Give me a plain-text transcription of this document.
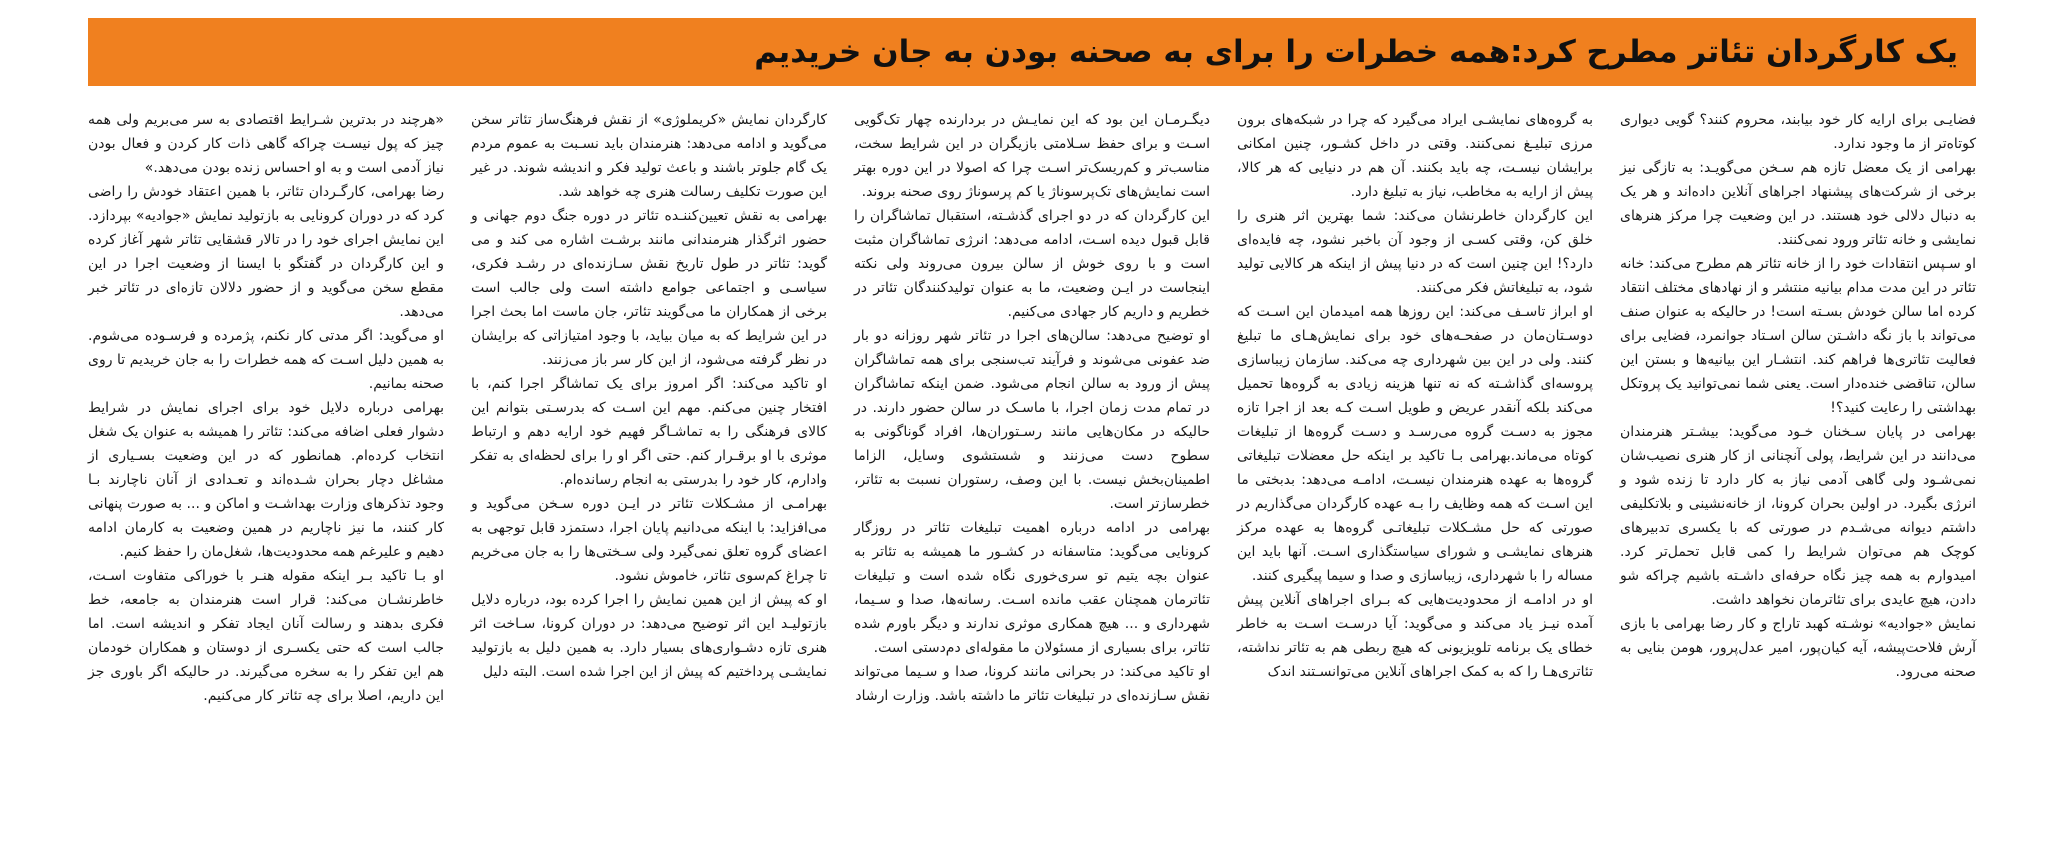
یک کارگردان تئاتر مطرح کرد:همه خطرات را برای به صحنه بودن به جان خریدیم

«هرچند در بدترین شـرایط اقتصادی به سر می‌بریم ولی همه چیز که پول نیسـت چراکه گاهی ذات کار کردن و فعال بودن نیاز آدمی است و به او احساس زنده بودن می‌دهد.»

رضا بهرامی، کارگـردان تئاتر، با همین اعتقاد خودش را راضی کرد که در دوران کرونایی به بازتولید نمایش «جوادیه» بپردازد. این نمایش اجرای خود را در تالار قشقایی تئاتر شهر آغاز کرده و این کارگردان در گفتگو با ایسنا از وضعیت اجرا در این مقطع سخن می‌گوید و از حضور دلالان تازه‌ای در تئاتر خبر می‌دهد.

او می‌گوید: اگر مدتی کار نکنم، پژمرده و فرسـوده می‌شوم. به همین دلیل اسـت که همه خطرات را به جان خریدیم تا روی صحنه بمانیم.

بهرامی درباره دلایل خود برای اجرای نمایش در شرایط دشوار فعلی اضافه می‌کند: تئاتر را همیشه به عنوان یک شغل انتخاب کرده‌ام. همانطور که در این وضعیت بسـیاری از مشاغل دچار بحران شـده‌اند و تعـدادی از آنان ناچارند بـا وجود تذکرهای وزارت بهداشـت و اماکن و ... به صورت پنهانی کار کنند، ما نیز ناچاریم در همین وضعیت به کارمان ادامه دهیم و علیرغم همه محدودیت‌ها، شغل‌مان را حفظ کنیم.

او بـا تاکید بـر اینکه مقوله هنـر با خوراکی متفاوت اسـت، خاطرنشـان می‌کند: قرار است هنرمندان به جامعه، خط فکری بدهند و رسالت آنان ایجاد تفکر و اندیشه است. اما جالب است که حتی یکسـری از دوستان و همکاران خودمان هم این تفکر را به سخره می‌گیرند. در حالیکه اگر باوری جز این داریم، اصلا برای چه تئاتر کار می‌کنیم.

کارگردان نمایش «کریملوژی» از نقش فرهنگ‌ساز تئاتر سخن می‌گوید و ادامه می‌دهد: هنرمندان باید نسـبت به عموم مردم یک گام جلوتر باشند و باعث تولید فکر و اندیشه شوند. در غیر این صورت تکلیف رسالت هنری چه خواهد شد.

بهرامی به نقش تعیین‌کننـده تئاتر در دوره جنگ دوم جهانی و حضور اثرگذار هنرمندانی مانند برشـت اشاره می کند و می گوید: تئاتر در طول تاریخ نقش سـازنده‌ای در رشـد فکری، سیاسـی و اجتماعی جوامع داشته است ولی جالب است برخی از همکاران ما می‌گویند تئاتر، جان ماست اما بحث اجرا در این شرایط که به میان بیاید، با وجود امتیازاتی که برایشان در نظر گرفته می‌شود، از این کار سر باز می‌زنند.

او تاکید می‌کند: اگر امروز برای یک تماشاگر اجرا کنم، با افتخار چنین می‌کنم. مهم این اسـت که بدرسـتی بتوانم این کالای فرهنگی را به تماشـاگر فهیم خود ارایه دهم و ارتباط موثری با او برقـرار کنم. حتی اگر او را برای لحظه‌ای به تفکر وادارم، کار خود را بدرستی به انجام رسانده‌ام.

بهرامـی از مشـکلات تئاتر در ایـن دوره سـخن می‌گوید و می‌افزاید: با اینکه می‌دانیم پایان اجرا، دستمزد قابل توجهی به اعضای گروه تعلق نمی‌گیرد ولی سـختی‌ها را به جان می‌خریم تا چراغ کم‌سوی تئاتر، خاموش نشود.

او که پیش از این همین نمایش را اجرا کرده بود، درباره دلایل بازتولیـد این اثر توضیح می‌دهد: در دوران کرونا، سـاخت اثر هنری تازه دشـواری‌های بسیار دارد. به همین دلیل به بازتولید نمایشـی پرداختیم که پیش از این اجرا شده است. البته دلیل

دیگـرمـان این بود که این نمایـش در بردارنده چهار تک‌گویی اسـت و برای حفظ سـلامتی بازیگران در این شرایط سخت، مناسب‌تر و کم‌ریسک‌تر اسـت چرا که اصولا در این دوره بهتر است نمایش‌های تک‌پرسوناژ یا کم پرسوناژ روی صحنه بروند.

این کارگردان که در دو اجرای گذشـته، استقبال تماشاگران را قابل قبول دیده اسـت، ادامه می‌دهد: انرژی تماشاگران مثبت است و با روی خوش از سالن بیرون می‌روند ولی نکته اینجاست در ایـن وضعیت، ما به عنوان تولیدکنندگان تئاتر در خطریم و داریم کار جهادی می‌کنیم.

او توضیح می‌دهد: سالن‌های اجرا در تئاتر شهر روزانه دو بار ضد عفونی می‌شوند و فرآیند تب‌سنجی برای همه تماشاگران پیش از ورود به سالن انجام می‌شود. ضمن اینکه تماشاگران در تمام مدت زمان اجرا، با ماسـک در سالن حضور دارند. در حالیکه در مکان‌هایی مانند رسـتوران‌ها، افراد گوناگونی به سطوح دست می‌زنند و شستشوی وسایل، الزاما اطمینان‌بخش نیست. با این وصف، رستوران نسبت به تئاتر، خطرسازتر است.

بهرامی در ادامه درباره اهمیت تبلیغات تئاتر در روزگار کرونایی می‌گوید: متاسفانه در کشـور ما همیشه به تئاتر به عنوان بچه یتیم تو سری‌خوری نگاه شده است و تبلیغات تئاترمان همچنان عقب مانده اسـت. رسانه‌ها، صدا و سـیما، شهرداری و ... هیچ همکاری موثری ندارند و دیگر باورم شده تئاتر، برای بسیاری از مسئولان ما مقوله‌ای دم‌دستی است.

او تاکید می‌کند: در بحرانی مانند کرونا، صدا و سـیما می‌تواند نقش سـازنده‌ای در تبلیغات تئاتر ما داشته باشد. وزارت ارشاد

به گروه‌های نمایشـی ایراد می‌گیرد که چرا در شبکه‌های برون مرزی تبلیـغ نمی‌کنند. وقتی در داخل کشـور، چنین امکانی برایشان نیسـت، چه باید بکنند. آن هم در دنیایی که هر کالا، پیش از ارایه به مخاطب، نیاز به تبلیغ دارد.

این کارگردان خاطرنشان می‌کند: شما بهترین اثر هنری را خلق کن، وقتی کسـی از وجود آن باخبر نشود، چه فایده‌ای دارد؟! این چنین است که در دنیا پیش از اینکه هر کالایی تولید شود، به تبلیغاتش فکر می‌کنند.

او ابراز تاسـف می‌کند: این روزها همه امیدمان این اسـت که دوسـتان‌مان در صفحـه‌های خود برای نمایش‌هـای ما تبلیغ کنند. ولی در این بین شهرداری چه می‌کند. سازمان زیباسازی پروسه‌ای گذاشـته که نه تنها هزینه زیادی به گروه‌ها تحمیل می‌کند بلکه آنقدر عریض و طویل اسـت کـه بعد از اجرا تازه مجوز به دسـت گروه می‌رسـد و دسـت گروه‌ها از تبلیغات کوتاه می‌ماند.بهرامی بـا تاکید بر اینکه حل معضلات تبلیغاتی گروه‌ها به عهده هنرمندان نیسـت، ادامـه می‌دهد: بدبختی ما این اسـت که همه وظایف را بـه عهده کارگردان می‌گذاریم در صورتی که حل مشـکلات تبلیغاتـی گروه‌ها به عهده مرکز هنرهای نمایشـی و شورای سیاستگذاری اسـت. آنها باید این مساله را با شهرداری، زیباسازی و صدا و سیما پیگیری کنند.

او در ادامـه از محدودیت‌هایی که بـرای اجراهای آنلاین پیش آمده نیـز یاد می‌کند و می‌گوید: آیا درسـت اسـت به خاطر خطای یک برنامه تلویزیونی که هیچ ربطی هم به تئاتر نداشته، تئاتری‌هـا را که به کمک اجراهای آنلاین می‌توانسـتند اندک

فضایـی برای ارایه کار خود بیابند، محروم کنند؟ گویی دیواری کوتاه‌تر از ما وجود ندارد.

بهرامی از یک معضل تازه هم سـخن می‌گویـد: به تازگی نیز برخی از شرکت‌های پیشنهاد اجراهای آنلاین داده‌اند و هر یک به دنبال دلالی خود هستند. در این وضعیت چرا مرکز هنرهای نمایشی و خانه تئاتر ورود نمی‌کنند.

او سـپس انتقادات خود را از خانه تئاتر هم مطرح می‌کند: خانه تئاتر در این مدت مدام بیانیه منتشر و از نهادهای مختلف انتقاد کرده اما سالن خودش بسـته است! در حالیکه به عنوان صنف می‌تواند با باز نگه داشـتن سالن اسـتاد جوانمرد، فضایی برای فعالیت تئاتری‌ها فراهم کند. انتشـار این بیانیه‌ها و بستن این سالن، تناقضی خنده‌دار است. یعنی شما نمی‌توانید یک پروتکل بهداشتی را رعایت کنید؟!

بهرامی در پایان سـخنان خـود می‌گوید: بیشـتر هنرمندان می‌دانند در این شرایط، پولی آنچنانی از کار هنری نصیب‌شان نمی‌شـود ولی گاهی آدمی نیاز به کار دارد تا زنده شود و انرژی بگیرد. در اولین بحران کرونا، از خانه‌نشینی و بلاتکلیفی داشتم دیوانه می‌شـدم در صورتی که با یکسری تدبیرهای کوچک هم می‌توان شرایط را کمی قابل تحمل‌تر کرد. امیدوارم به همه چیز نگاه حرفه‌ای داشـته باشیم چراکه شو دادن، هیچ عایدی برای تئاترمان نخواهد داشت.

نمایش «جوادیه» نوشـته کهبد تاراج و کار رضا بهرامی با بازی آرش فلاحت‌پیشه، آیه کیان‌پور، امیر عدل‌پرور، هومن بنایی به صحنه می‌رود.
